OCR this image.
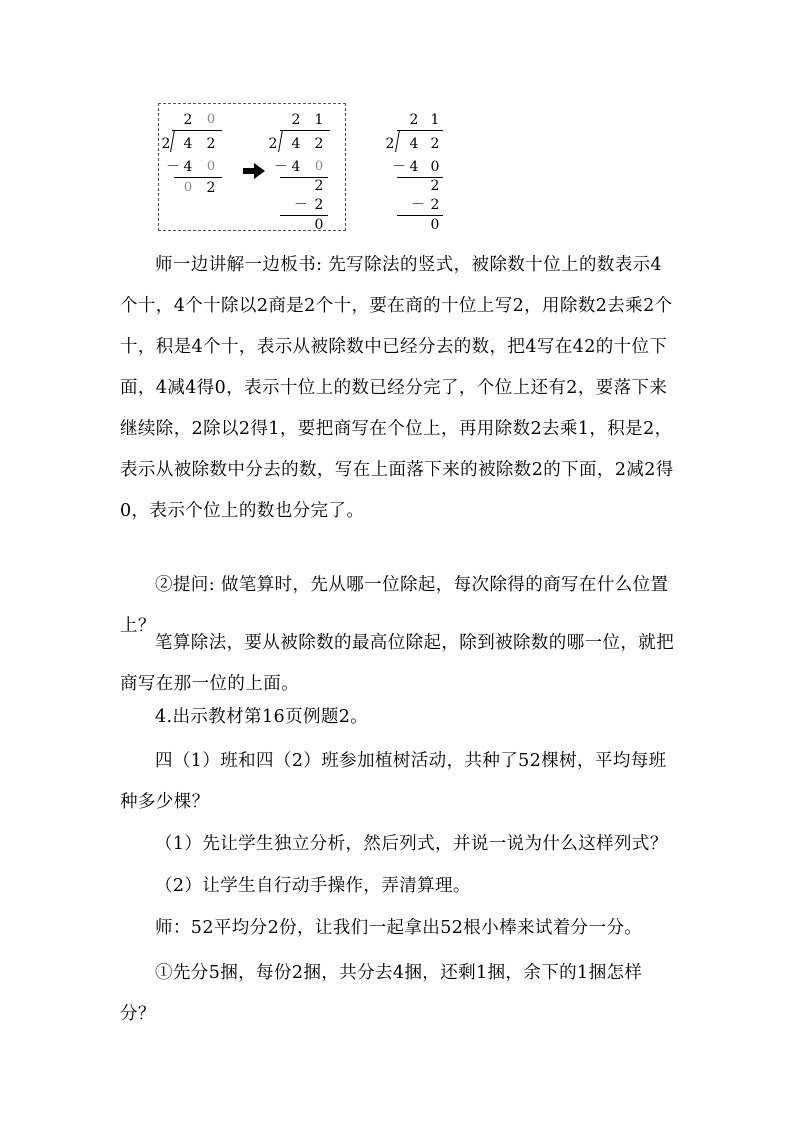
2 0
2 4 2
－ 4 0
0 2
2 1
2 4 2
－ 4 0
2
－ 2
0
2 1
2 4 2
－ 4 0
2
－ 2
0

师一边讲解一边板书: 先写除法的竖式，被除数十位上的数表示4个十，4个十除以2商是2个十，要在商的十位上写2，用除数2去乘2个十，积是4个十，表示从被除数中已经分去的数，把4写在42的十位下面，4减4得0，表示十位上的数已经分完了，个位上还有2，要落下来继续除，2除以2得1，要把商写在个位上，再用除数2去乘1，积是2，表示从被除数中分去的数，写在上面落下来的被除数2的下面，2减2得0，表示个位上的数也分完了。

②提问: 做笔算时，先从哪一位除起，每次除得的商写在什么位置上？

笔算除法，要从被除数的最高位除起，除到被除数的哪一位，就把商写在那一位的上面。

4.出示教材第16页例题2。

四（1）班和四（2）班参加植树活动，共种了52棵树，平均每班种多少棵？

（1）先让学生独立分析，然后列式，并说一说为什么这样列式？

（2）让学生自行动手操作，弄清算理。

师：52平均分2份，让我们一起拿出52根小棒来试着分一分。

①先分5捆，每份2捆，共分去4捆，还剩1捆，余下的1捆怎样分？
